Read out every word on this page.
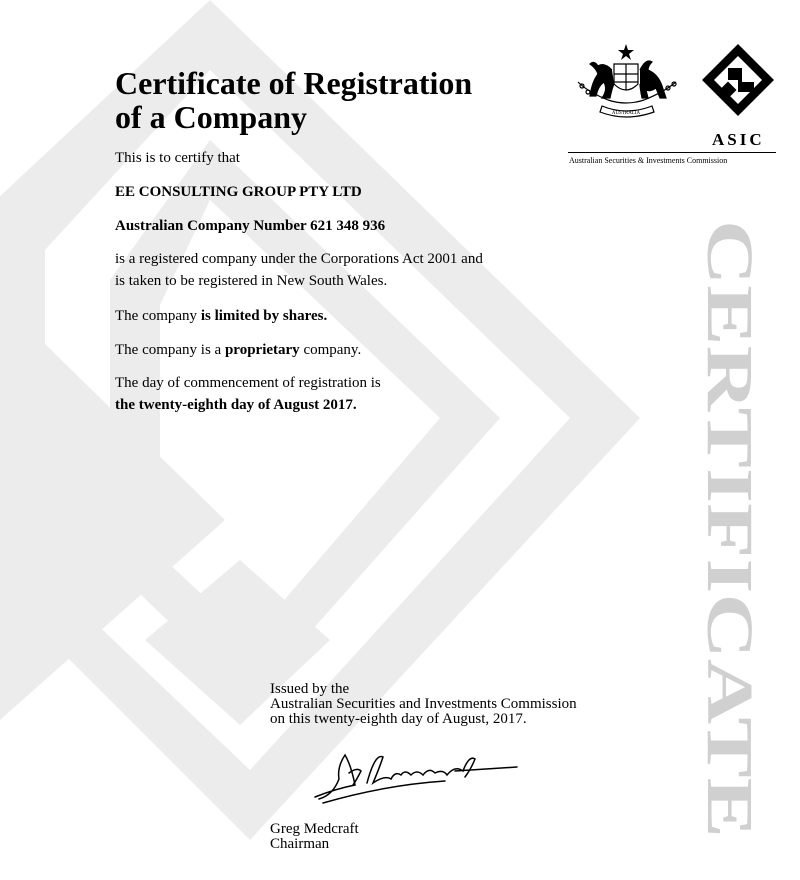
Certificate of Registration
of a Company
This is to certify that
EE CONSULTING GROUP PTY LTD
Australian Company Number 621 348 936
is a registered company under the Corporations Act 2001 and
is taken to be registered in New South Wales.
The company is limited by shares.
The company is a proprietary company.
The day of commencement of registration is
the twenty-eighth day of August 2017.
AUSTRALIA
ASIC
Australian Securities & Investments Commission
CERTIFICATE
Issued by the
Australian Securities and Investments Commission
on this twenty-eighth day of August, 2017.
Greg Medcraft
Chairman
